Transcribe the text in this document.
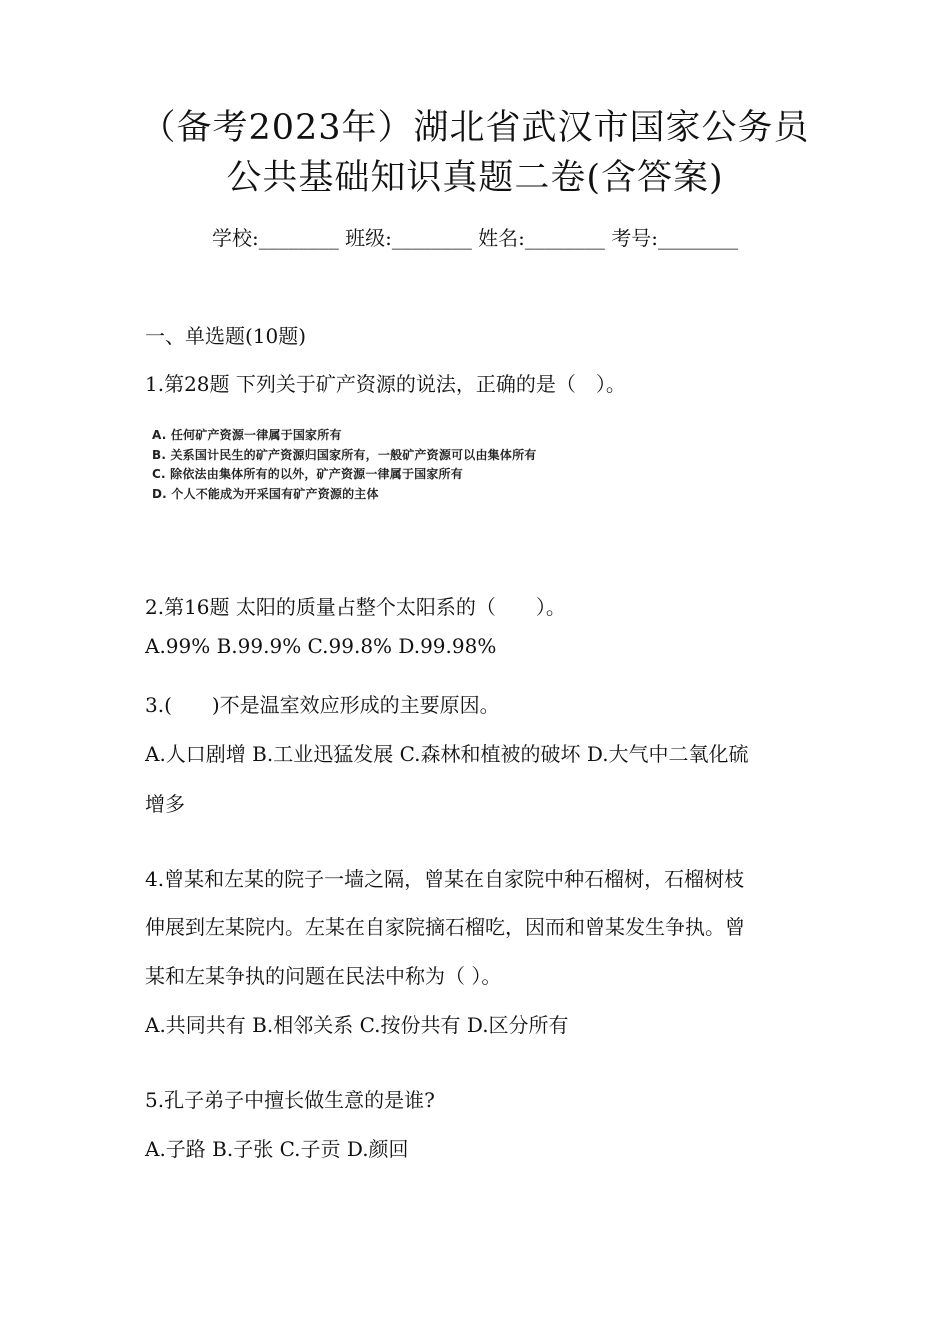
（备考2023年）湖北省武汉市国家公务员
公共基础知识真题二卷(含答案)
学校:________ 班级:________ 姓名:________ 考号:________
一、单选题(10题)
1.第28题 下列关于矿产资源的说法，正确的是（　）。
A. 任何矿产资源一律属于国家所有
B. 关系国计民生的矿产资源归国家所有，一般矿产资源可以由集体所有
C. 除依法由集体所有的以外，矿产资源一律属于国家所有
D. 个人不能成为开采国有矿产资源的主体
2.第16题 太阳的质量占整个太阳系的（　　）。
A.99% B.99.9% C.99.8% D.99.98%
3.(　　)不是温室效应形成的主要原因。
A.人口剧增 B.工业迅猛发展 C.森林和植被的破坏 D.大气中二氧化硫
增多
4.曾某和左某的院子一墙之隔，曾某在自家院中种石榴树，石榴树枝
伸展到左某院内。左某在自家院摘石榴吃，因而和曾某发生争执。曾
某和左某争执的问题在民法中称为（ ）。
A.共同共有 B.相邻关系 C.按份共有 D.区分所有
5.孔子弟子中擅长做生意的是谁?
A.子路 B.子张 C.子贡 D.颜回
